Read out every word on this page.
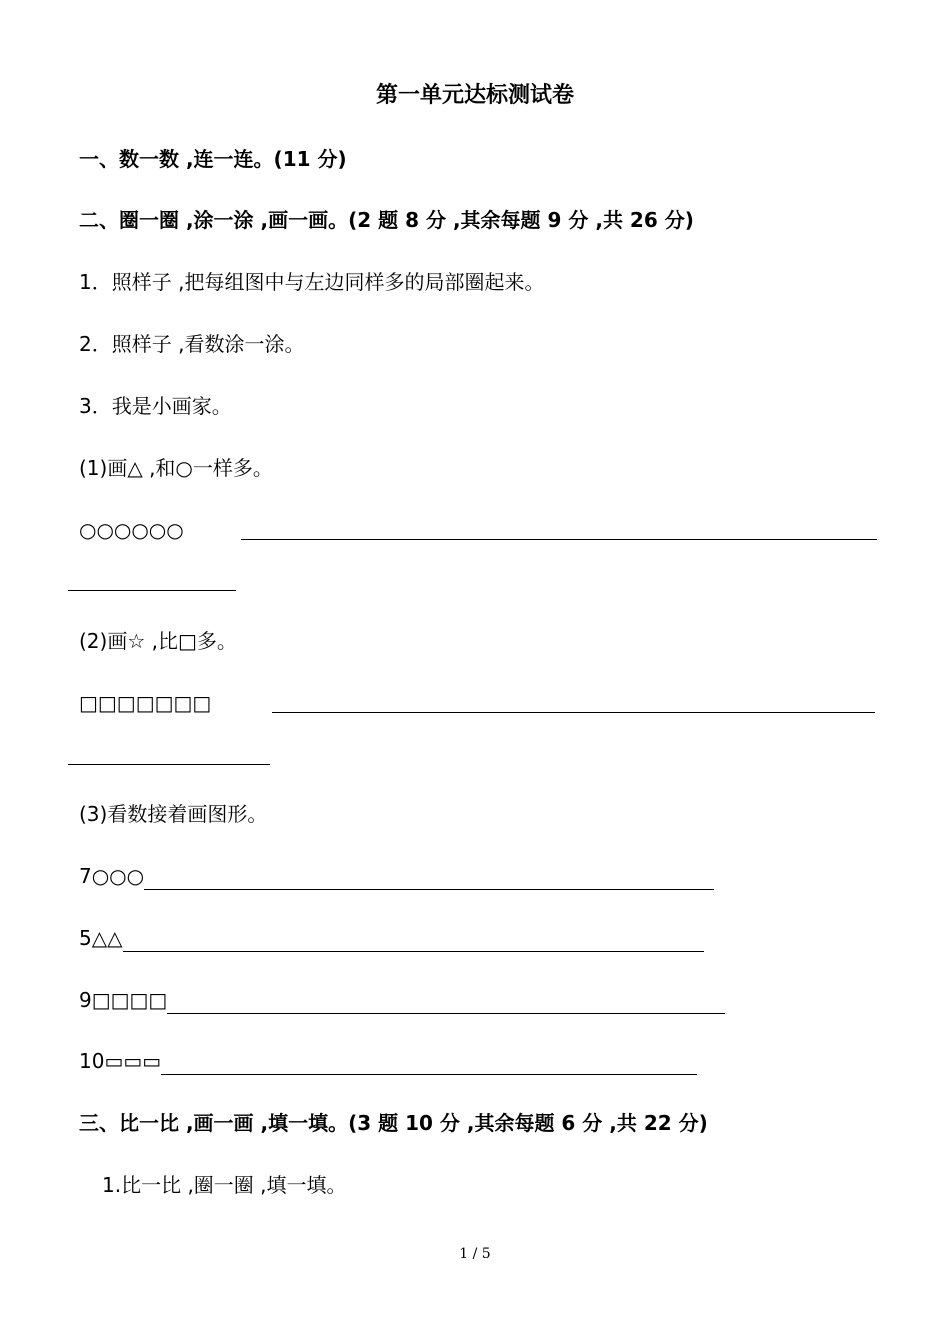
第一单元达标测试卷
一、数一数 ,连一连。(11 分)
二、圈一圈 ,涂一涂 ,画一画。(2 题 8 分 ,其余每题 9 分 ,共 26 分)
1．照样子 ,把每组图中与左边同样多的局部圈起来。
2．照样子 ,看数涂一涂。
3．我是小画家。
(1)画△ ,和○一样多。
○○○○○○
(2)画☆ ,比□多。
□□□□□□□
(3)看数接着画图形。
7○○○
5△△
9□□□□
10▭▭▭
三、比一比 ,画一画 ,填一填。(3 题 10 分 ,其余每题 6 分 ,共 22 分)
1.比一比 ,圈一圈 ,填一填。
1 / 5
